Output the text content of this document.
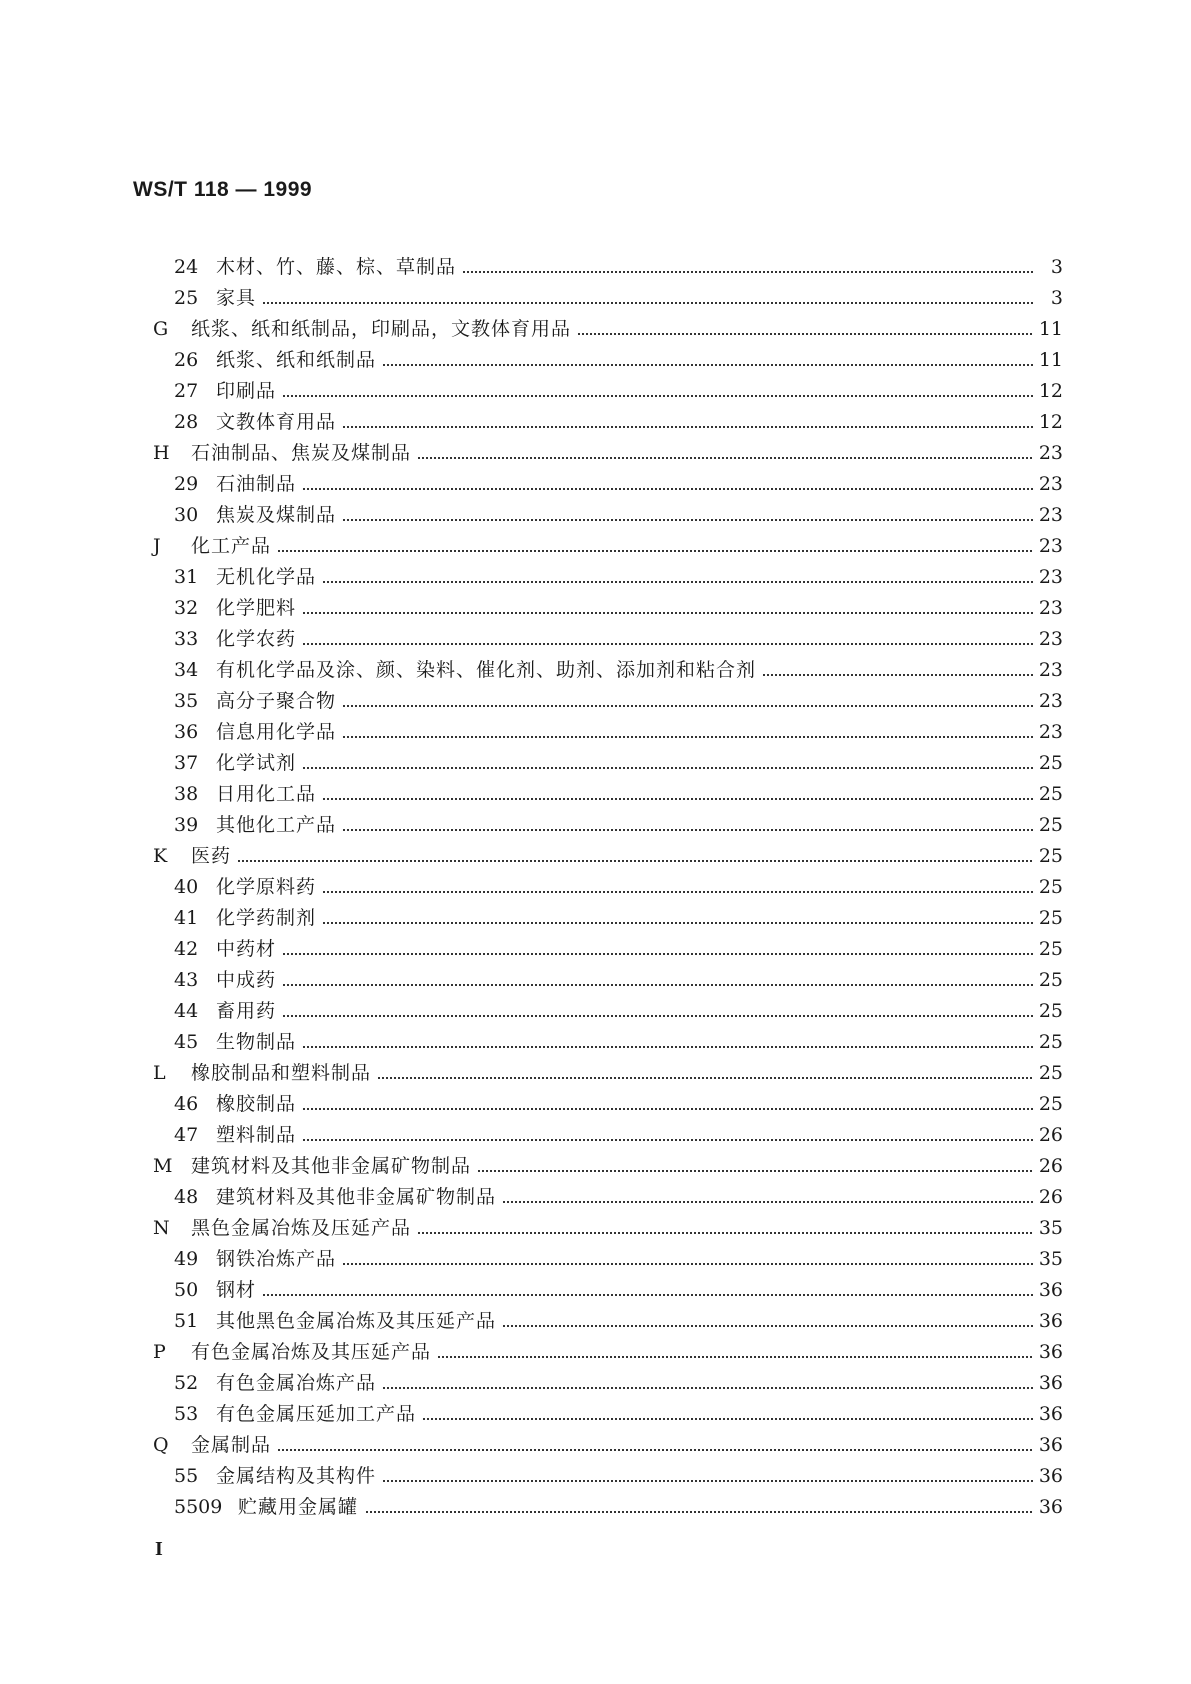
WS/T 118 — 1999
24 木材、竹、藤、棕、草制品	3
25 家具	3
G 纸浆、纸和纸制品，印刷品，文教体育用品	11
26 纸浆、纸和纸制品	11
27 印刷品	12
28 文教体育用品	12
H 石油制品、焦炭及煤制品	23
29 石油制品	23
30 焦炭及煤制品	23
J 化工产品	23
31 无机化学品	23
32 化学肥料	23
33 化学农药	23
34 有机化学品及涂、颜、染料、催化剂、助剂、添加剂和粘合剂	23
35 高分子聚合物	23
36 信息用化学品	23
37 化学试剂	25
38 日用化工品	25
39 其他化工产品	25
K 医药	25
40 化学原料药	25
41 化学药制剂	25
42 中药材	25
43 中成药	25
44 畜用药	25
45 生物制品	25
L 橡胶制品和塑料制品	25
46 橡胶制品	25
47 塑料制品	26
M 建筑材料及其他非金属矿物制品	26
48 建筑材料及其他非金属矿物制品	26
N 黑色金属冶炼及压延产品	35
49 钢铁冶炼产品	35
50 钢材	36
51 其他黑色金属冶炼及其压延产品	36
P 有色金属冶炼及其压延产品	36
52 有色金属冶炼产品	36
53 有色金属压延加工产品	36
Q 金属制品	36
55 金属结构及其构件	36
5509 贮藏用金属罐	36
I
